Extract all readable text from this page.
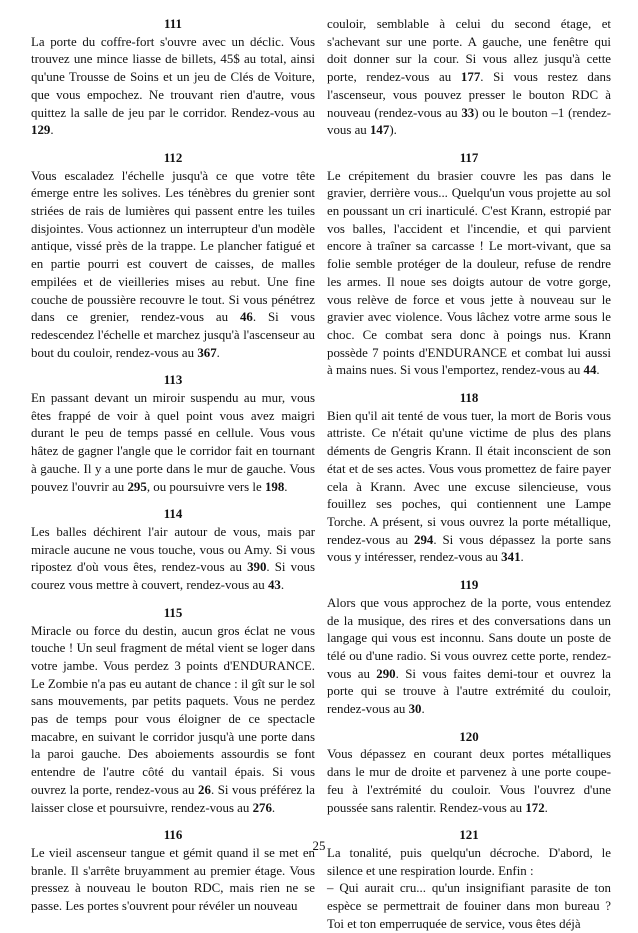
111

La porte du coffre-fort s'ouvre avec un déclic. Vous trouvez une mince liasse de billets, 45$ au total, ainsi qu'une Trousse de Soins et un jeu de Clés de Voiture, que vous empochez. Ne trouvant rien d'autre, vous quittez la salle de jeu par le corridor. Rendez-vous au 129.

112

Vous escaladez l'échelle jusqu'à ce que votre tête émerge entre les solives. Les ténèbres du grenier sont striées de rais de lumières qui passent entre les tuiles disjointes. Vous actionnez un interrupteur d'un modèle antique, vissé près de la trappe. Le plancher fatigué et en partie pourri est couvert de caisses, de malles empilées et de vieilleries mises au rebut. Une fine couche de poussière recouvre le tout. Si vous pénétrez dans ce grenier, rendez-vous au 46. Si vous redescendez l'échelle et marchez jusqu'à l'ascenseur au bout du couloir, rendez-vous au 367.

113

En passant devant un miroir suspendu au mur, vous êtes frappé de voir à quel point vous avez maigri durant le peu de temps passé en cellule. Vous vous hâtez de gagner l'angle que le corridor fait en tournant à gauche. Il y a une porte dans le mur de gauche. Vous pouvez l'ouvrir au 295, ou poursuivre vers le 198.

114

Les balles déchirent l'air autour de vous, mais par miracle aucune ne vous touche, vous ou Amy. Si vous ripostez d'où vous êtes, rendez-vous au 390. Si vous courez vous mettre à couvert, rendez-vous au 43.

115

Miracle ou force du destin, aucun gros éclat ne vous touche ! Un seul fragment de métal vient se loger dans votre jambe. Vous perdez 3 points d'ENDURANCE. Le Zombie n'a pas eu autant de chance : il gît sur le sol sans mouvements, par petits paquets. Vous ne perdez pas de temps pour vous éloigner de ce spectacle macabre, en suivant le corridor jusqu'à une porte dans la paroi gauche. Des aboiements assourdis se font entendre de l'autre côté du vantail épais. Si vous ouvrez la porte, rendez-vous au 26. Si vous préférez la laisser close et poursuivre, rendez-vous au 276.

116

Le vieil ascenseur tangue et gémit quand il se met en branle. Il s'arrête bruyamment au premier étage. Vous pressez à nouveau le bouton RDC, mais rien ne se passe. Les portes s'ouvrent pour révéler un nouveau

couloir, semblable à celui du second étage, et s'achevant sur une porte. A gauche, une fenêtre qui doit donner sur la cour. Si vous allez jusqu'à cette porte, rendez-vous au 177. Si vous restez dans l'ascenseur, vous pouvez presser le bouton RDC à nouveau (rendez-vous au 33) ou le bouton –1 (rendez-vous au 147).

117

Le crépitement du brasier couvre les pas dans le gravier, derrière vous... Quelqu'un vous projette au sol en poussant un cri inarticulé. C'est Krann, estropié par vos balles, l'accident et l'incendie, et qui parvient encore à traîner sa carcasse ! Le mort-vivant, que sa folie semble protéger de la douleur, refuse de rendre les armes. Il noue ses doigts autour de votre gorge, vous relève de force et vous jette à nouveau sur le gravier avec violence. Vous lâchez votre arme sous le choc. Ce combat sera donc à poings nus. Krann possède 7 points d'ENDURANCE et combat lui aussi à mains nues. Si vous l'emportez, rendez-vous au 44.

118

Bien qu'il ait tenté de vous tuer, la mort de Boris vous attriste. Ce n'était qu'une victime de plus des plans déments de Gengris Krann. Il était inconscient de son état et de ses actes. Vous vous promettez de faire payer cela à Krann. Avec une excuse silencieuse, vous fouillez ses poches, qui contiennent une Lampe Torche. A présent, si vous ouvrez la porte métallique, rendez-vous au 294. Si vous dépassez la porte sans vous y intéresser, rendez-vous au 341.

119

Alors que vous approchez de la porte, vous entendez de la musique, des rires et des conversations dans un langage qui vous est inconnu. Sans doute un poste de télé ou d'une radio. Si vous ouvrez cette porte, rendez-vous au 290. Si vous faites demi-tour et ouvrez la porte qui se trouve à l'autre extrémité du couloir, rendez-vous au 30.

120

Vous dépassez en courant deux portes métalliques dans le mur de droite et parvenez à une porte coupe-feu à l'extrémité du couloir. Vous l'ouvrez d'une poussée sans ralentir. Rendez-vous au 172.

121

La tonalité, puis quelqu'un décroche. D'abord, le silence et une respiration lourde. Enfin :
– Qui aurait cru... qu'un insignifiant parasite de ton espèce se permettrait de fouiner dans mon bureau ? Toi et ton emperruquée de service, vous êtes déjà

25
